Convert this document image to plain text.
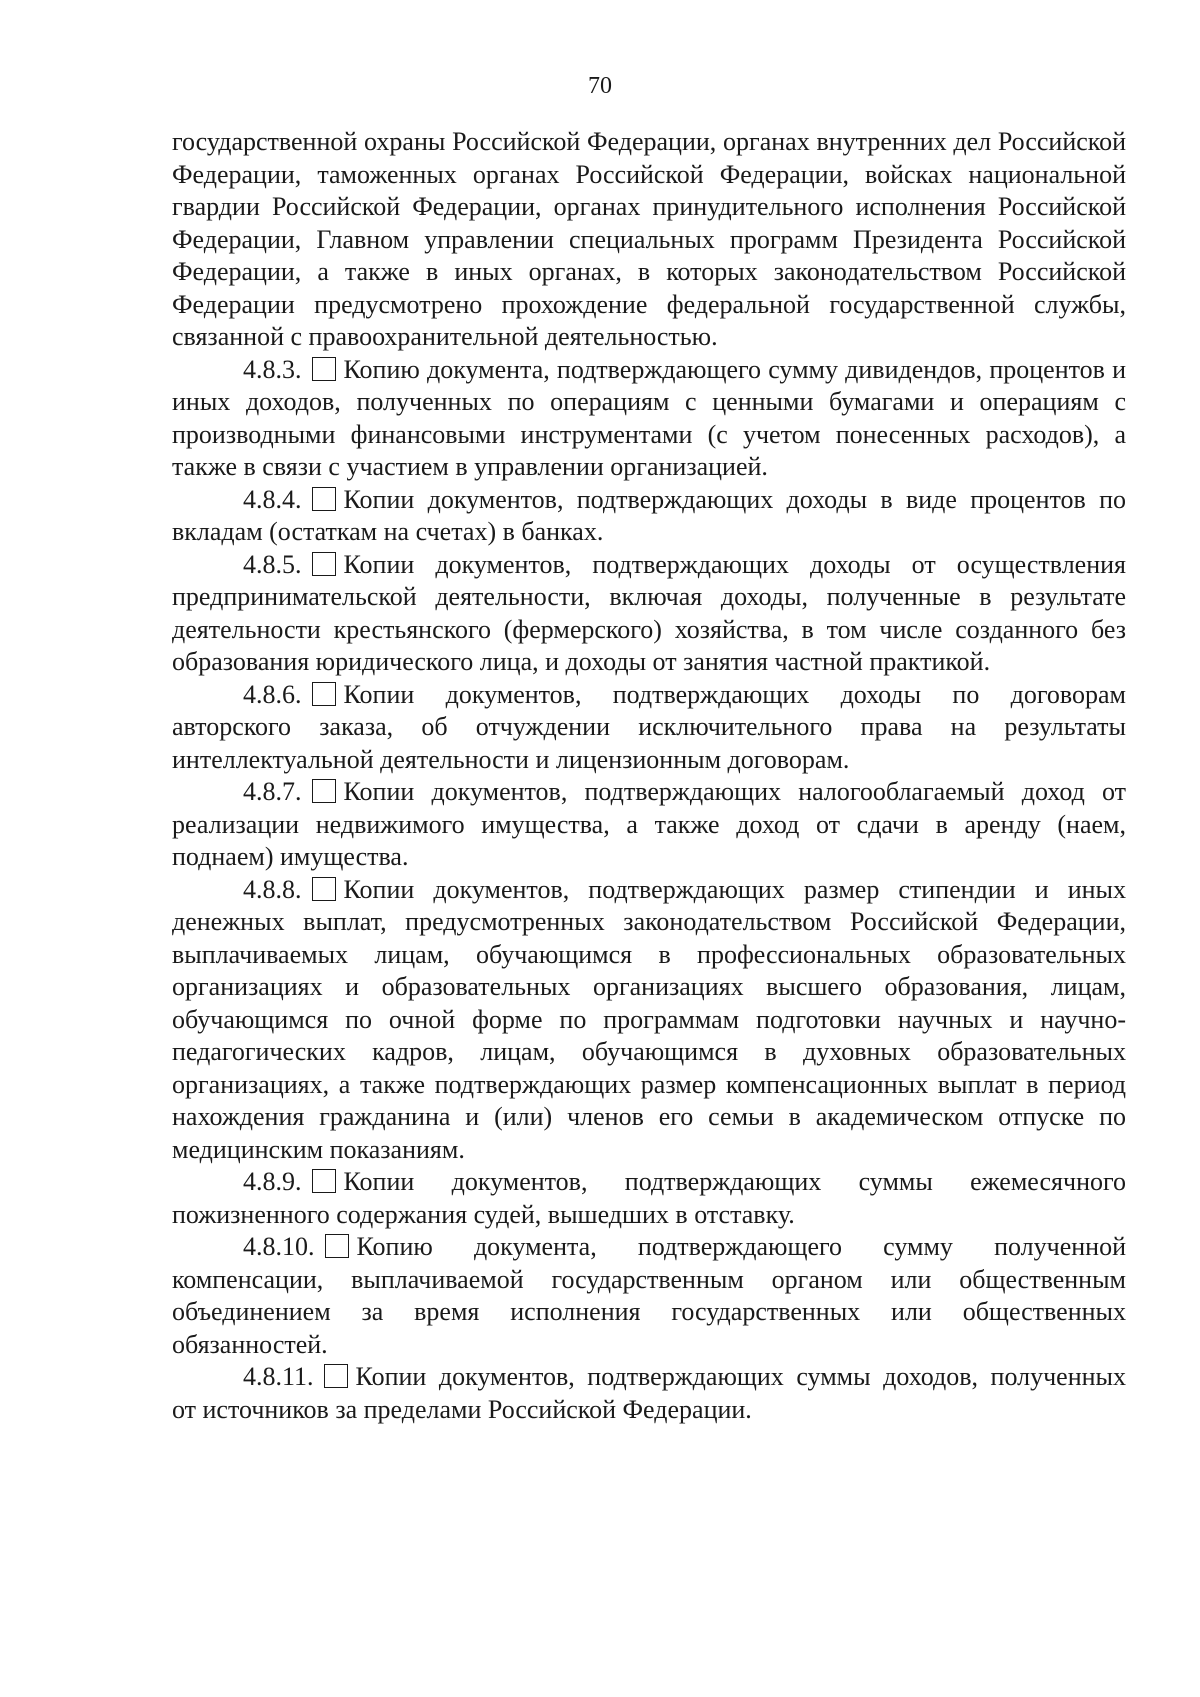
70

государственной охраны Российской Федерации, органах внутренних дел Российской Федерации, таможенных органах Российской Федерации, войсках национальной гвардии Российской Федерации, органах принудительного исполнения Российской Федерации, Главном управлении специальных программ Президента Российской Федерации, а также в иных органах, в которых законодательством Российской Федерации предусмотрено прохождение федеральной государственной службы, связанной с правоохранительной деятельностью.

4.8.3. Копию документа, подтверждающего сумму дивидендов, процентов и иных доходов, полученных по операциям с ценными бумагами и операциям с производными финансовыми инструментами (с учетом понесенных расходов), а также в связи с участием в управлении организацией.

4.8.4. Копии документов, подтверждающих доходы в виде процентов по вкладам (остаткам на счетах) в банках.

4.8.5. Копии документов, подтверждающих доходы от осуществления предпринимательской деятельности, включая доходы, полученные в результате деятельности крестьянского (фермерского) хозяйства, в том числе созданного без образования юридического лица, и доходы от занятия частной практикой.

4.8.6. Копии документов, подтверждающих доходы по договорам авторского заказа, об отчуждении исключительного права на результаты интеллектуальной деятельности и лицензионным договорам.

4.8.7. Копии документов, подтверждающих налогооблагаемый доход от реализации недвижимого имущества, а также доход от сдачи в аренду (наем, поднаем) имущества.

4.8.8. Копии документов, подтверждающих размер стипендии и иных денежных выплат, предусмотренных законодательством Российской Федерации, выплачиваемых лицам, обучающимся в профессиональных образовательных организациях и образовательных организациях высшего образования, лицам, обучающимся по очной форме по программам подготовки научных и научно-педагогических кадров, лицам, обучающимся в духовных образовательных организациях, а также подтверждающих размер компенсационных выплат в период нахождения гражданина и (или) членов его семьи в академическом отпуске по медицинским показаниям.

4.8.9. Копии документов, подтверждающих суммы ежемесячного пожизненного содержания судей, вышедших в отставку.

4.8.10. Копию документа, подтверждающего сумму полученной компенсации, выплачиваемой государственным органом или общественным объединением за время исполнения государственных или общественных обязанностей.

4.8.11. Копии документов, подтверждающих суммы доходов, полученных от источников за пределами Российской Федерации.
